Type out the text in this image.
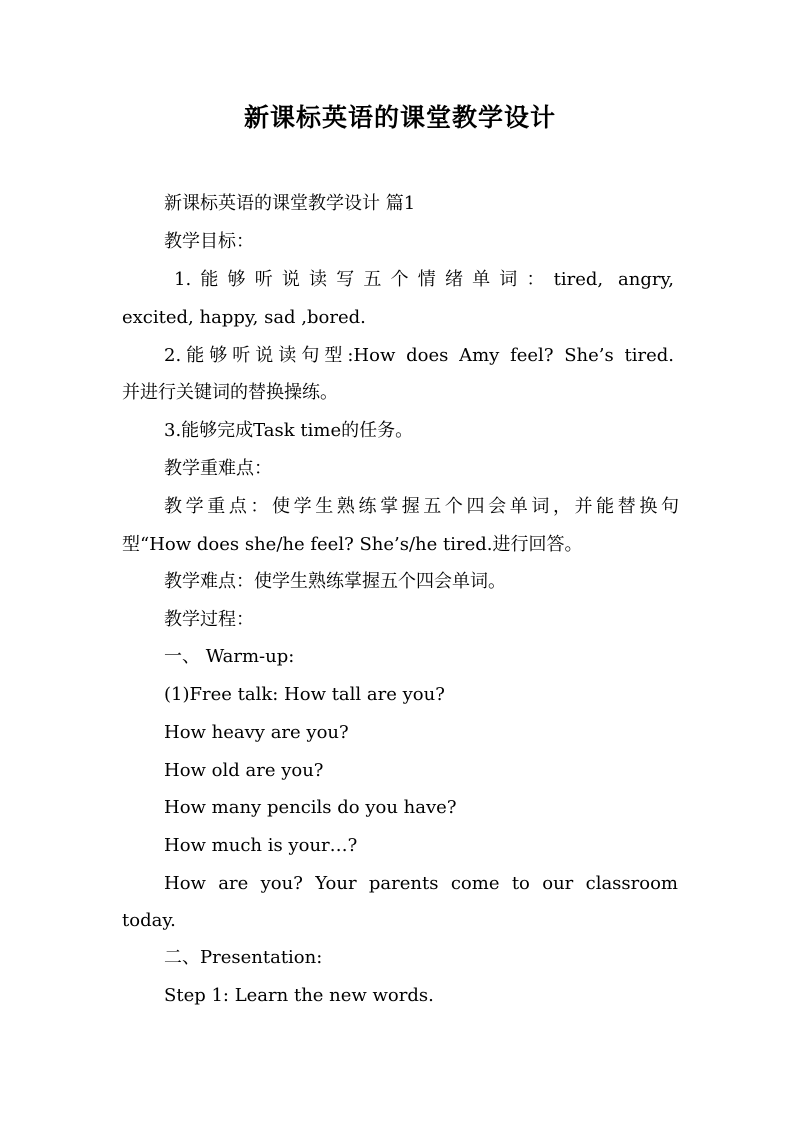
新课标英语的课堂教学设计
新课标英语的课堂教学设计 篇1
教学目标：
1.能够听说读写五个情绪单词：tired, angry,
excited, happy, sad ,bored.
2.能够听说读句型:How does Amy feel? She’s tired.
并进行关键词的替换操练。
3.能够完成Task time的任务。
教学重难点：
教学重点：使学生熟练掌握五个四会单词，并能替换句
型“How does she/he feel? She’s/he tired.进行回答。
教学难点：使学生熟练掌握五个四会单词。
教学过程：
一、 Warm-up:
(1)Free talk: How tall are you?
How heavy are you?
How old are you?
How many pencils do you have?
How much is your…?
How are you? Your parents come to our classroom
today.
二、Presentation:
Step 1: Learn the new words.
